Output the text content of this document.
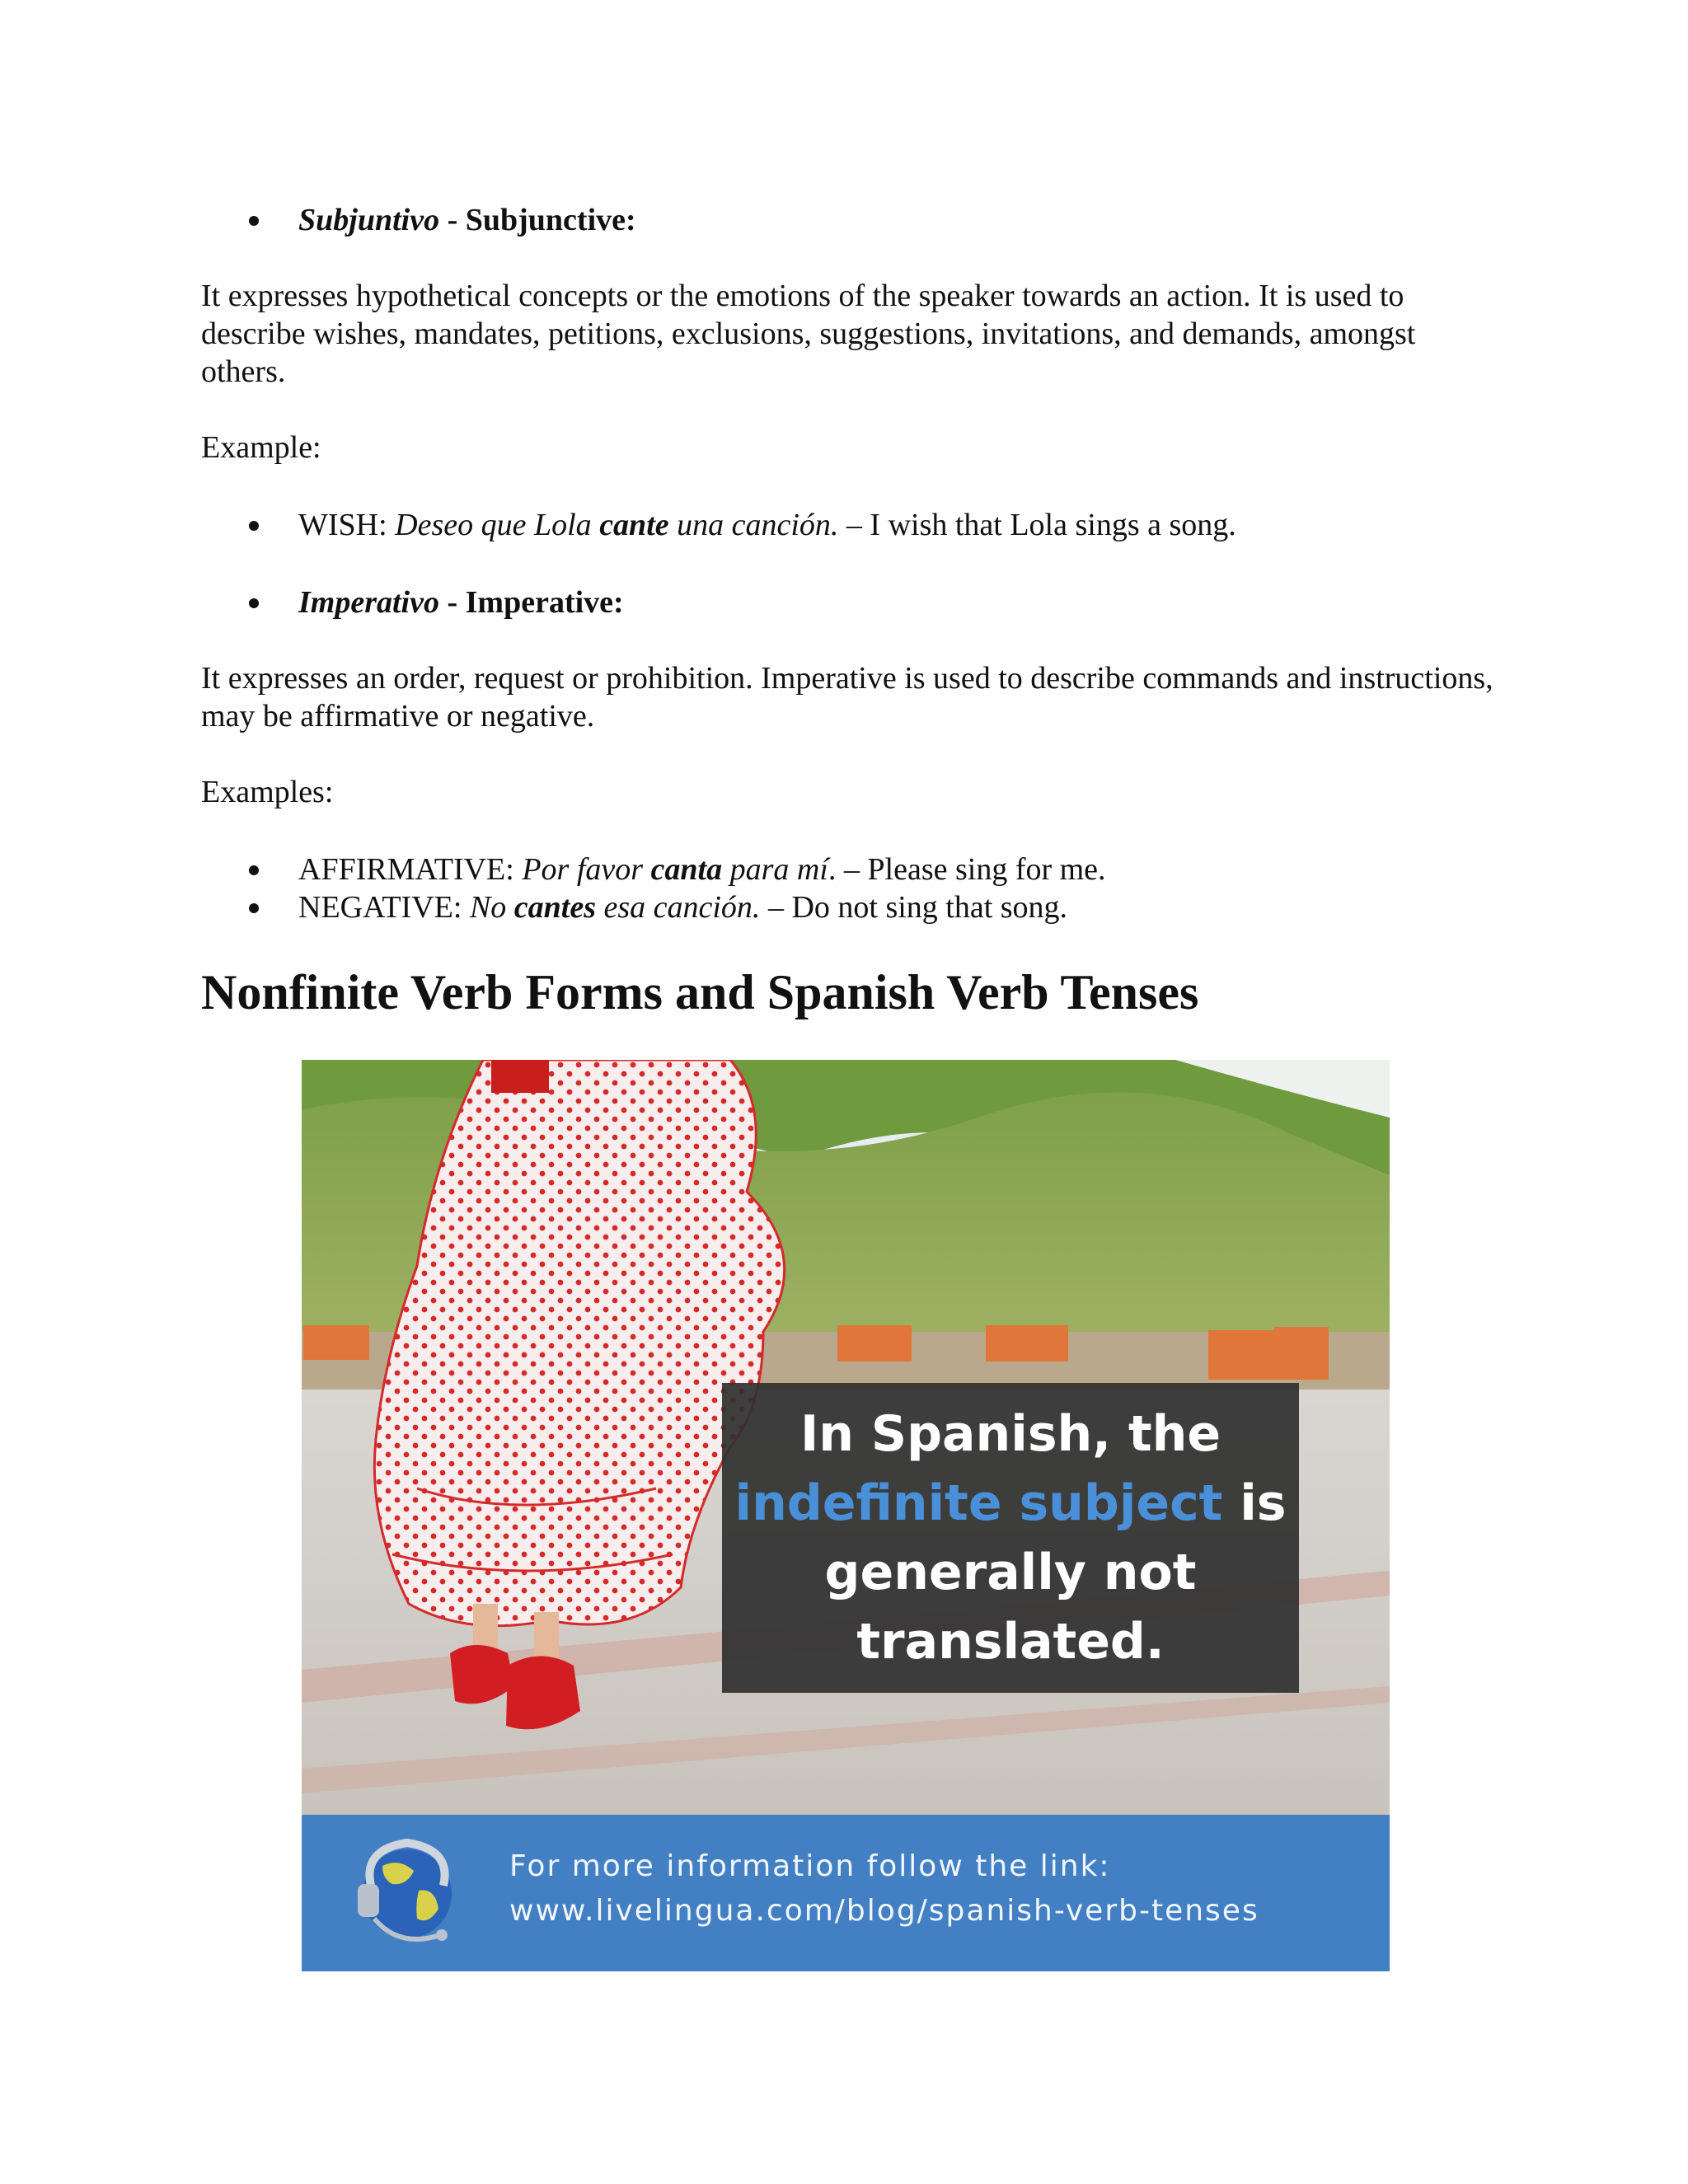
Subjuntivo - Subjunctive:
It expresses hypothetical concepts or the emotions of the speaker towards an action. It is used to describe wishes, mandates, petitions, exclusions, suggestions, invitations, and demands, amongst others.
Example:
WISH: Deseo que Lola cante una canción. – I wish that Lola sings a song.
Imperativo - Imperative:
It expresses an order, request or prohibition. Imperative is used to describe commands and instructions, may be affirmative or negative.
Examples:
AFFIRMATIVE: Por favor canta para mí. – Please sing for me.
NEGATIVE: No cantes esa canción. – Do not sing that song.
Nonfinite Verb Forms and Spanish Verb Tenses
In Spanish, the
indefinite subject is
generally not
translated.
For more information follow the link:
www.livelingua.com/blog/spanish-verb-tenses
